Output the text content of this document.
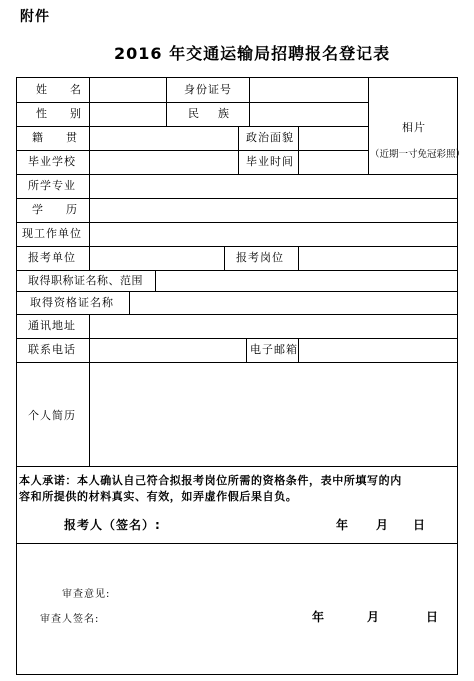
附件
2016 年交通运输局招聘报名登记表
姓　名	身份证号
性　别	民　族
相片
（近期一寸免冠彩照）
籍　贯	政治面貌
毕业学校	毕业时间
所学专业
学　历
现工作单位
报考单位	报考岗位
取得职称证名称、范围
取得资格证名称
通讯地址
联系电话	电子邮箱
个人简历
本人承诺：本人确认自己符合拟报考岗位所需的资格条件，表中所填写的内
容和所提供的材料真实、有效，如弄虚作假后果自负。
报考人（签名）:	年 月 日
审查意见:
审查人签名:	年	月	日
